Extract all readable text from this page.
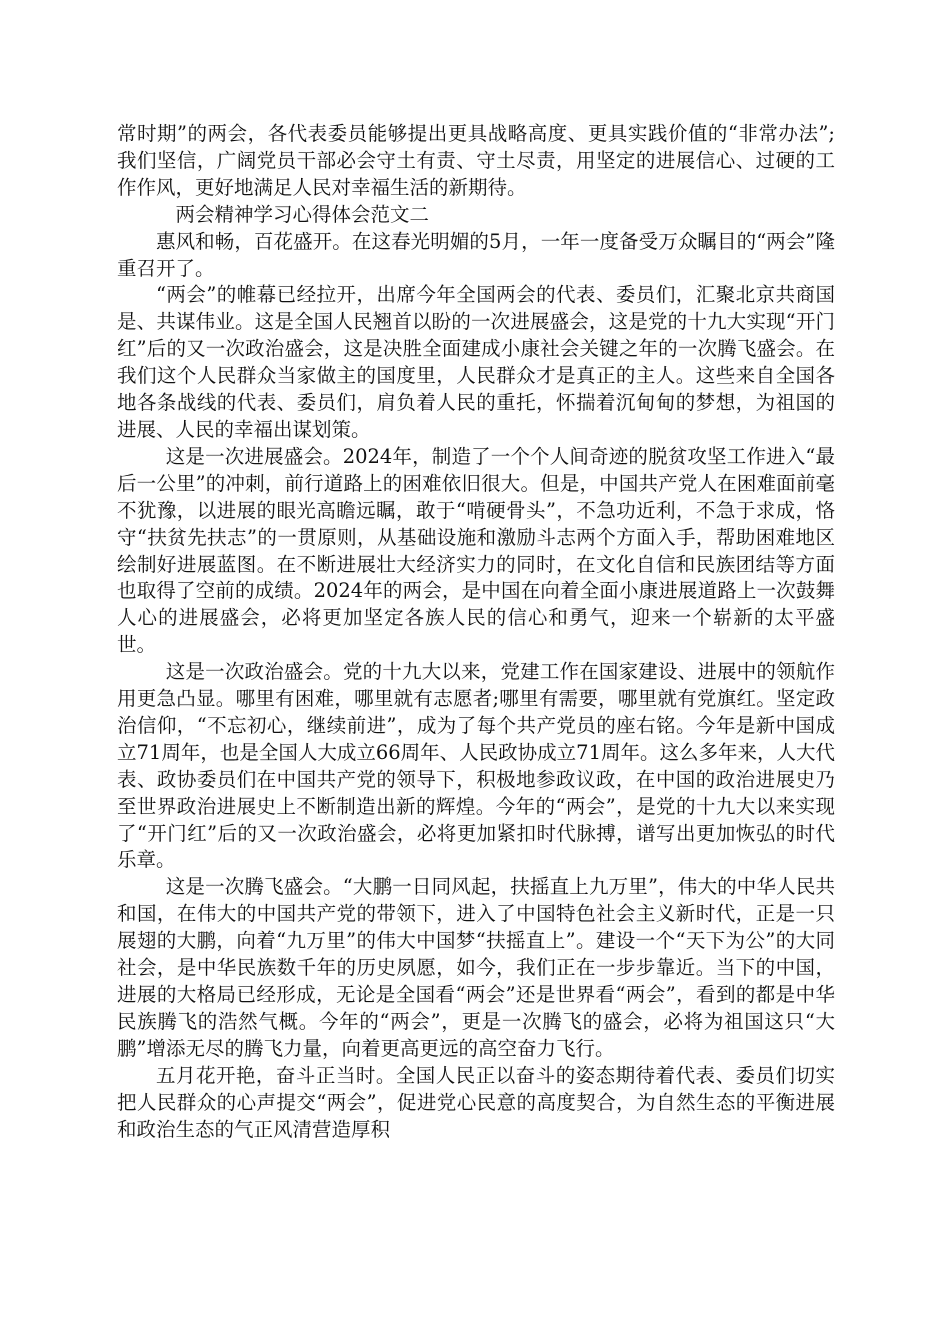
常时期”的两会，各代表委员能够提出更具战略高度、更具实践价值的“非常办法”;我们坚信，广阔党员干部必会守土有责、守土尽责，用坚定的进展信心、过硬的工作作风，更好地满足人民对幸福生活的新期待。

两会精神学习心得体会范文二

惠风和畅，百花盛开。在这春光明媚的5月，一年一度备受万众瞩目的“两会”隆重召开了。

“两会”的帷幕已经拉开，出席今年全国两会的代表、委员们，汇聚北京共商国是、共谋伟业。这是全国人民翘首以盼的一次进展盛会，这是党的十九大实现“开门红”后的又一次政治盛会，这是决胜全面建成小康社会关键之年的一次腾飞盛会。在我们这个人民群众当家做主的国度里，人民群众才是真正的主人。这些来自全国各地各条战线的代表、委员们，肩负着人民的重托，怀揣着沉甸甸的梦想，为祖国的进展、人民的幸福出谋划策。

这是一次进展盛会。2024年，制造了一个个人间奇迹的脱贫攻坚工作进入“最后一公里”的冲刺，前行道路上的困难依旧很大。但是，中国共产党人在困难面前毫不犹豫，以进展的眼光高瞻远瞩，敢于“啃硬骨头”，不急功近利，不急于求成，恪守“扶贫先扶志”的一贯原则，从基础设施和激励斗志两个方面入手，帮助困难地区绘制好进展蓝图。在不断进展壮大经济实力的同时，在文化自信和民族团结等方面也取得了空前的成绩。2024年的两会，是中国在向着全面小康进展道路上一次鼓舞人心的进展盛会，必将更加坚定各族人民的信心和勇气，迎来一个崭新的太平盛世。

这是一次政治盛会。党的十九大以来，党建工作在国家建设、进展中的领航作用更急凸显。哪里有困难，哪里就有志愿者;哪里有需要，哪里就有党旗红。坚定政治信仰，“不忘初心，继续前进”，成为了每个共产党员的座右铭。今年是新中国成立71周年，也是全国人大成立66周年、人民政协成立71周年。这么多年来，人大代表、政协委员们在中国共产党的领导下，积极地参政议政，在中国的政治进展史乃至世界政治进展史上不断制造出新的辉煌。今年的“两会”，是党的十九大以来实现了“开门红”后的又一次政治盛会，必将更加紧扣时代脉搏，谱写出更加恢弘的时代乐章。

这是一次腾飞盛会。“大鹏一日同风起，扶摇直上九万里”，伟大的中华人民共和国，在伟大的中国共产党的带领下，进入了中国特色社会主义新时代，正是一只展翅的大鹏，向着“九万里”的伟大中国梦“扶摇直上”。建设一个“天下为公”的大同社会，是中华民族数千年的历史夙愿，如今，我们正在一步步靠近。当下的中国，进展的大格局已经形成，无论是全国看“两会”还是世界看“两会”，看到的都是中华民族腾飞的浩然气概。今年的“两会”，更是一次腾飞的盛会，必将为祖国这只“大鹏”增添无尽的腾飞力量，向着更高更远的高空奋力飞行。

五月花开艳，奋斗正当时。全国人民正以奋斗的姿态期待着代表、委员们切实把人民群众的心声提交“两会”，促进党心民意的高度契合，为自然生态的平衡进展和政治生态的气正风清营造厚积
